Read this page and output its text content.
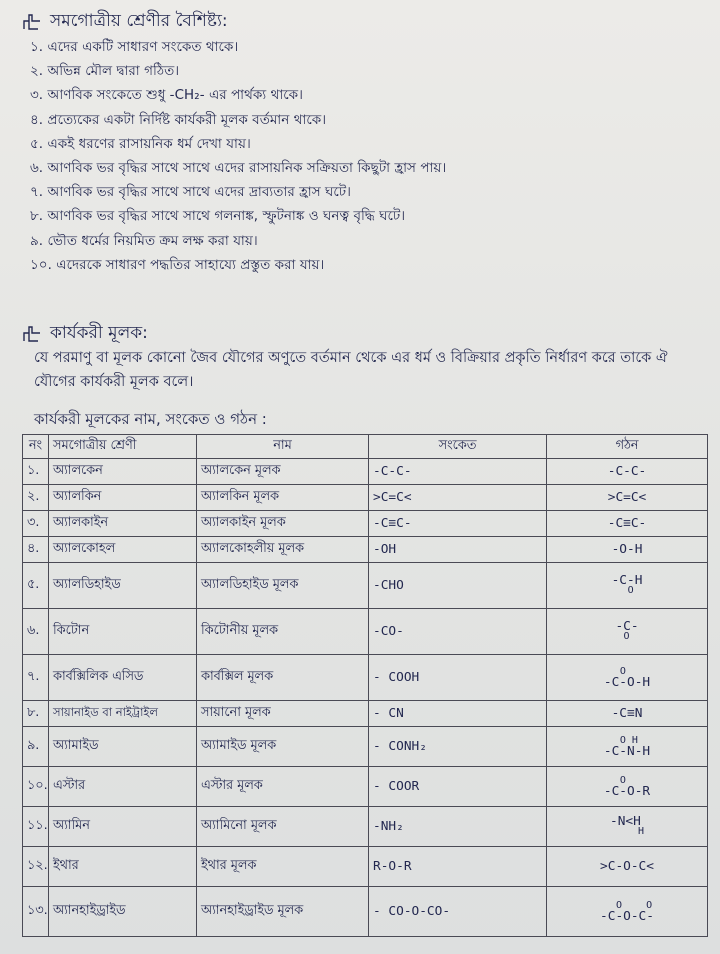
সমগোত্রীয় শ্রেণীর বৈশিষ্ট্য:
১. এদের একটি সাধারণ সংকেত থাকে।
২. অভিন্ন মৌল দ্বারা গঠিত।
৩. আণবিক সংকেতে শুধু -CH₂- এর পার্থক্য থাকে।
৪. প্রত্যেকের একটা নির্দিষ্ট কার্যকরী মূলক বর্তমান থাকে।
৫. একই ধরণের রাসায়নিক ধর্ম দেখা যায়।
৬. আণবিক ভর বৃদ্ধির সাথে সাথে এদের রাসায়নিক সক্রিয়তা কিছুটা হ্রাস পায়।
৭. আণবিক ভর বৃদ্ধির সাথে সাথে এদের দ্রাব্যতার হ্রাস ঘটে।
৮. আণবিক ভর বৃদ্ধির সাথে সাথে গলনাঙ্ক, স্ফুটনাঙ্ক ও ঘনত্ব বৃদ্ধি ঘটে।
৯. ভৌত ধর্মের নিয়মিত ক্রম লক্ষ করা যায়।
১০. এদেরকে সাধারণ পদ্ধতির সাহায্যে প্রস্তুত করা যায়।
কার্যকরী মূলক:

যে পরমাণু বা মূলক কোনো জৈব যৌগের অণুতে বর্তমান থেকে এর ধর্ম ও বিক্রিয়ার প্রকৃতি নির্ধারণ করে তাকে ঐ যৌগের কার্যকরী মূলক বলে।

কার্যকরী মূলকের নাম, সংকেত ও গঠন :

নং	সমগোত্রীয় শ্রেণী	নাম	সংকেত	গঠন
১.	অ্যালকেন	অ্যালকেন মূলক	-C-C-	-C-C-
২.	অ্যালকিন	অ্যালকিন মূলক	>C=C<	>C=C<
৩.	অ্যালকাইন	অ্যালকাইন মূলক	-C≡C-	-C≡C-
৪.	অ্যালকোহল	অ্যালকোহলীয় মূলক	-OH	-O-H
৫.	অ্যালডিহাইড	অ্যালডিহাইড মূলক	-CHO	-C-H
O

৬.	কিটোন	কিটোনীয় মূলক	-CO-	-C-
O

৭.	কার্বক্সিলিক এসিড	কার্বক্সিল মূলক	- COOH	O
-C-O-H
৮.	সায়ানাইড বা নাইট্রাইল	সায়ানো মূলক	- CN	-C≡N
৯.	অ্যামাইড	অ্যামাইড মূলক	- CONH₂	O H
-C-N-H
১০.	এস্টার	এস্টার মূলক	- COOR	O
-C-O-R
১১.	অ্যামিন	অ্যামিনো মূলক	-NH₂	-N<H
H

১২.	ইথার	ইথার মূলক	R-O-R	>C-O-C<
১৩.	অ্যানহাইড্রাইড	অ্যানহাইড্রাইড মূলক	- CO-O-CO-	O    O
-C-O-C-
